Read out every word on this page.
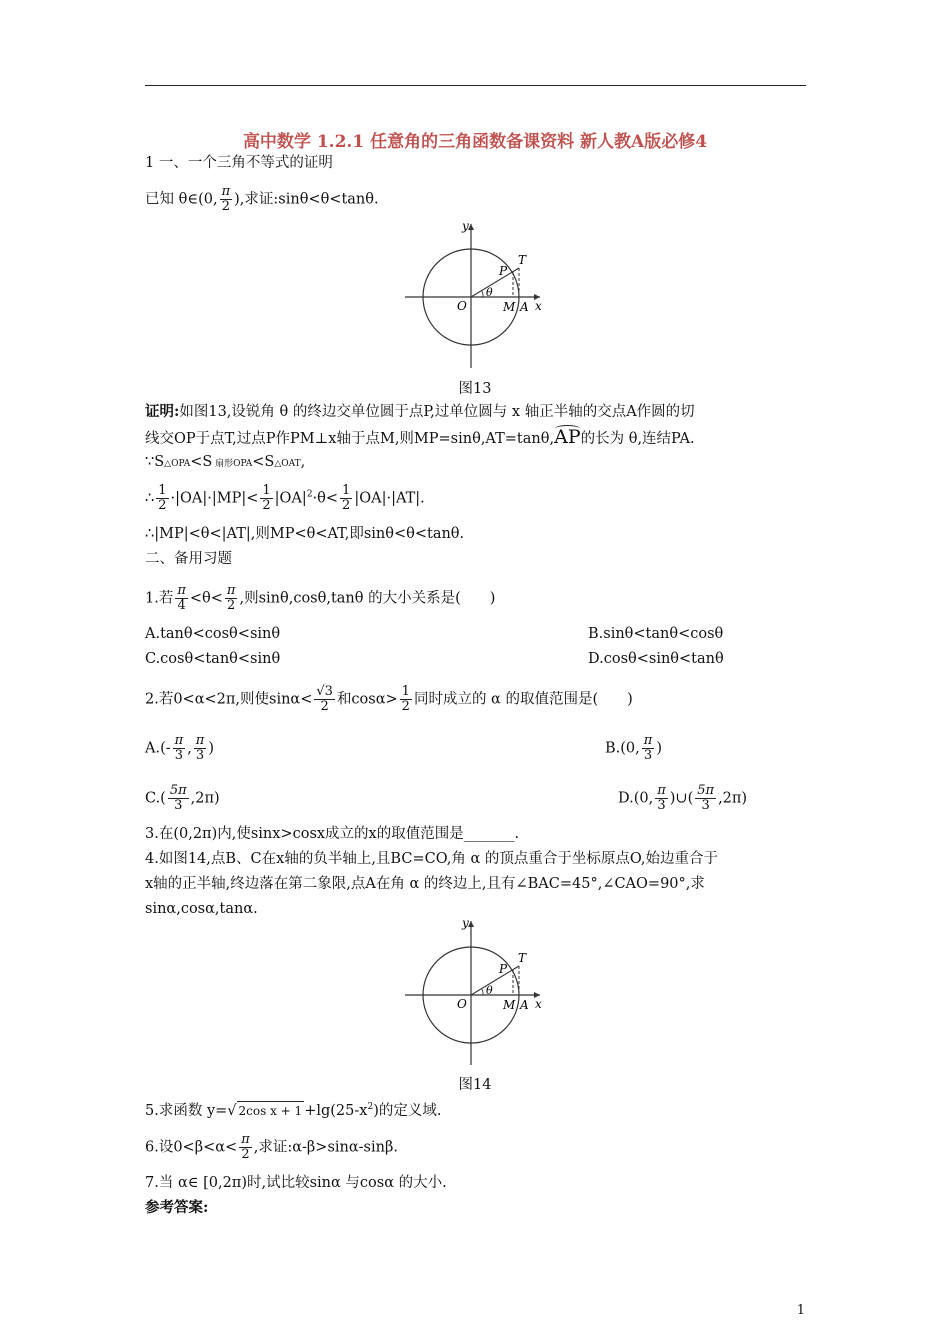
高中数学 1.2.1 任意角的三角函数备课资料 新人教A版必修4
1 一、一个三角不等式的证明
已知 θ∈(0, $\frac{\pi}{2}$ ),求证:sinθ<θ<tanθ.
y
x
O
P
T
M A
θ
图13
证明:如图13,设锐角 θ 的终边交单位圆于点P,过单位圆与 x 轴正半轴的交点A作圆的切
线交OP于点T,过点P作PM⊥x轴于点M,则MP=sinθ,AT=tanθ,AP的长为 θ,连结PA.
∵S△OPA<S 扇形OPA<S△OAT,
∴ $\frac{1}{2} \cdot|OA|\cdot|MP|< \frac{1}{2} |OA|^2\cdot\theta< \frac{1}{2} |OA|\cdot|AT|$.
∴|MP|<θ<|AT|,则MP<θ<AT,即sinθ<θ<tanθ.
二、备用习题
1.若 $\frac{\pi}{4} <\theta< \frac{\pi}{2}$ ,则sinθ,cosθ,tanθ 的大小关系是(　　)
A.tanθ<cosθ<sinθ	B.sinθ<tanθ<cosθ
C.cosθ<tanθ<sinθ	D.cosθ<sinθ<tanθ
2.若0<α<2π,则使$\sin\alpha< \frac{√3}{2}$ 和$\cos\alpha> \frac{1}{2}$ 同时成立的 α 的取值范围是(　　)
$A.(- \frac{\pi}{3}$ , $\frac{\pi}{3}$ )	B.(0, $\frac{\pi}{3}$ )
$C.( \frac{5\pi}{3} ,2\pi)$	D.(0, $\frac{\pi}{3}$ )∪( $\frac{5\pi}{3} ,2\pi$)
3.在(0,2π)内,使sinx>cosx成立的x的取值范围是_______.
4.如图14,点B、C在x轴的负半轴上,且BC=CO,角 α 的顶点重合于坐标原点O,始边重合于
x轴的正半轴,终边落在第二象限,点A在角 α 的终边上,且有∠BAC=45°,∠CAO=90°,求
sinα,cosα,tanα.
y
x
O
P
T
M A
θ
图14
5.求函数 y=√ 2cos $x + 1 +\lg(25-x^2)$的定义域.
6.设$0<\beta<\alpha< \frac{\pi}{2}$ ,求证:α-β>sinα-sinβ.
7.当 α∈ [0,2π)时,试比较sinα 与cosα 的大小.
参考答案:
1
